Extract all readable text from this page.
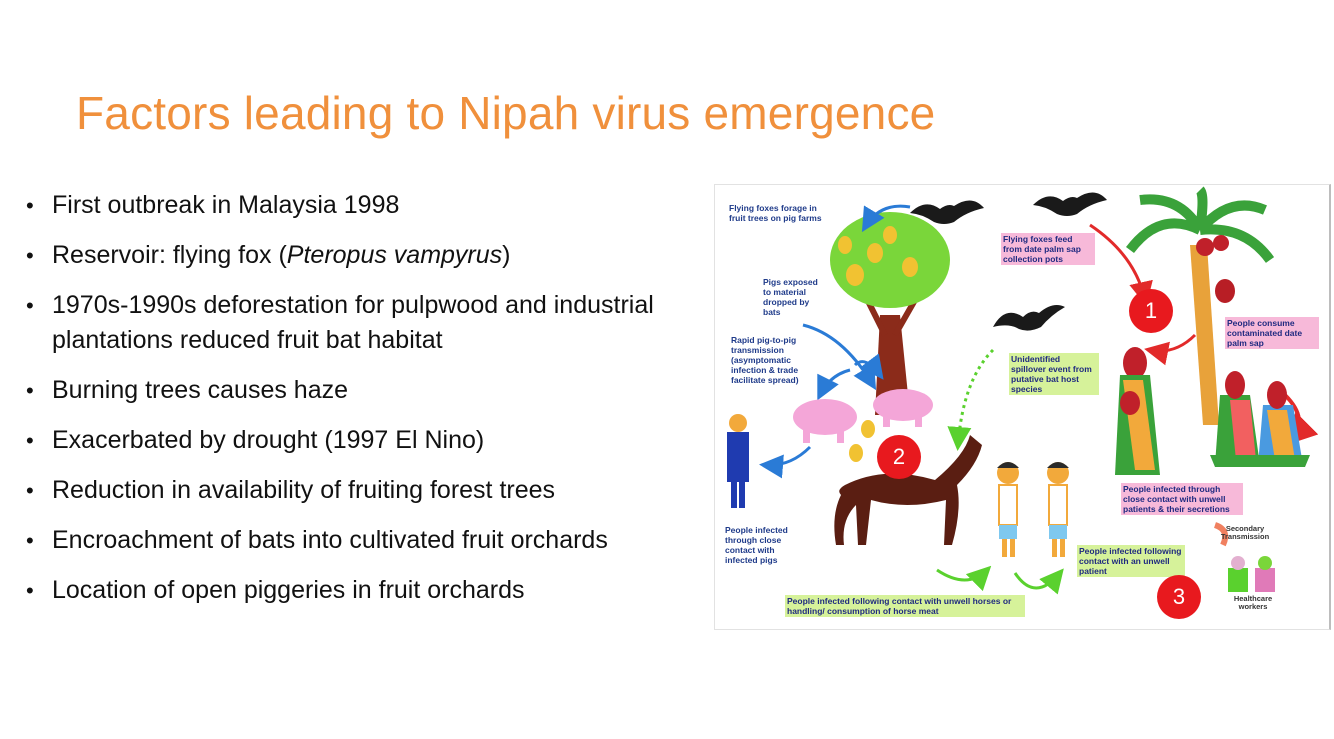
Factors leading to Nipah virus emergence
• First outbreak in Malaysia 1998
• Reservoir: flying fox (Pteropus vampyrus)
• 1970s-1990s deforestation for pulpwood and industrial plantations reduced fruit bat habitat
• Burning trees causes haze
• Exacerbated by drought (1997 El Nino)
• Reduction in availability of fruiting forest trees
• Encroachment of bats into cultivated fruit orchards
• Location of open piggeries in fruit orchards
Flying foxes forage in fruit trees on pig farms
Pigs exposed to material dropped by bats
Rapid pig-to-pig transmission (asymptomatic infection & trade facilitate spread)
People infected through close contact with infected pigs
Flying foxes feed from date palm sap collection pots
People consume contaminated date palm sap
Unidentified spillover event from putative bat host species
People infected through close contact with unwell patients & their secretions
Secondary Transmission
People infected following contact with an unwell patient
Healthcare workers
People infected following contact with unwell horses or handling/ consumption of horse meat
1
2
3
